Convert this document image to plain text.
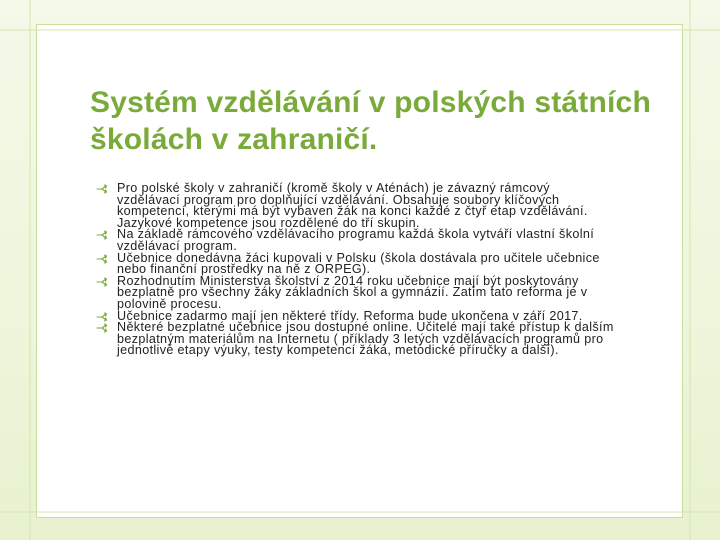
Systém vzdělávání v polských státních školách v zahraničí.
Pro polské školy v zahraničí (kromě školy v Aténách) je závazný rámcový vzdělávací program pro doplňující vzdělávání. Obsahuje soubory klíčových kompetencí, kterými má být vybaven žák na konci každé z čtyř etap vzdělávání. Jazykové kompetence jsou rozdělené do tří skupin.
Na základě rámcového vzdělávacího programu každá škola vytváří vlastní školní vzdělávací program.
Učebnice donedávna žáci kupovali v Polsku (škola dostávala pro učitele učebnice nebo finanční prostředky na ně z ORPEG).
Rozhodnutím Ministerstva školství z 2014 roku učebnice mají být poskytovány bezplatně pro všechny žáky základních škol a gymnázií. Zatím tato reforma je v polovině procesu.
Učebnice zadarmo mají jen některé třídy. Reforma bude ukončena v září 2017.
Některé bezplatné učebnice jsou dostupné online. Učitelé mají také přístup k dalším bezplatným materiálům na Internetu ( příklady 3 letých vzdělávacích programů pro jednotlivé etapy výuky, testy kompetencí žáka, metodické příručky a další).
